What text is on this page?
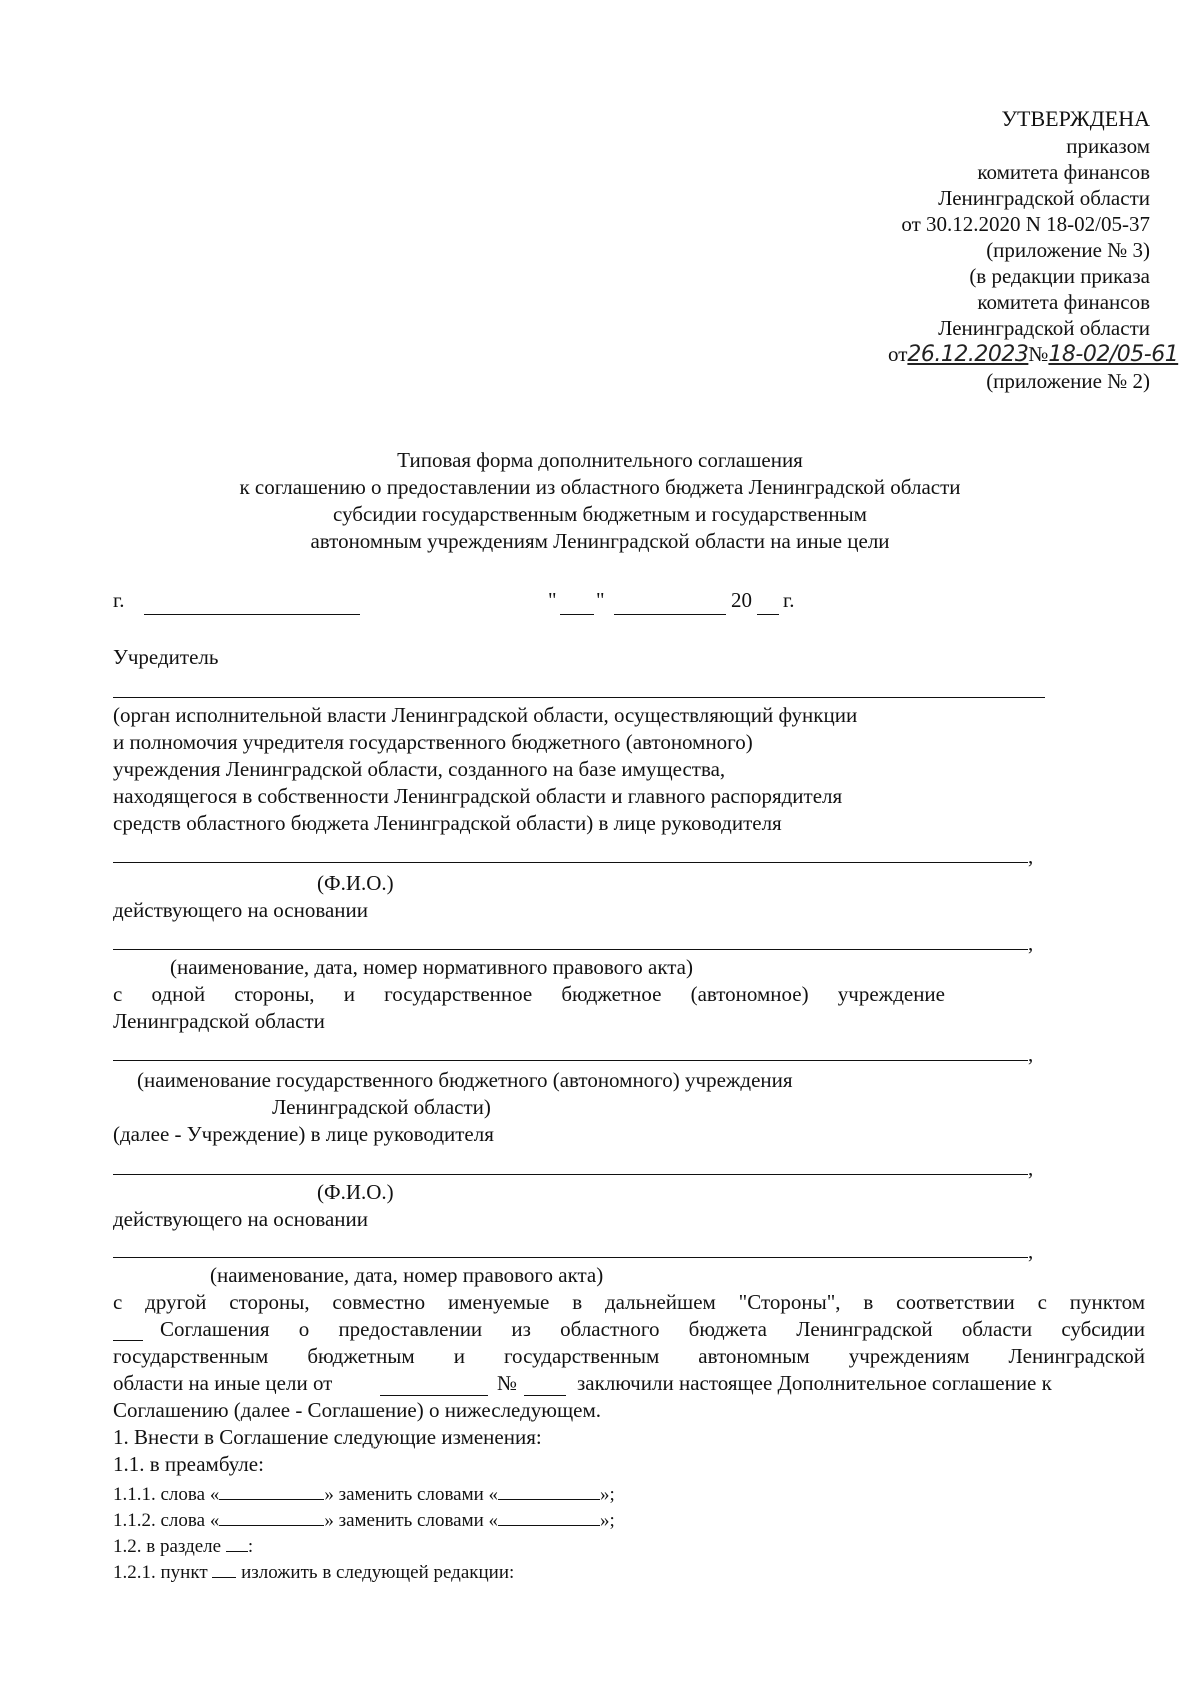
УТВЕРЖДЕНА
приказом
комитета финансов
Ленинградской области
от 30.12.2020 N 18-02/05-37
(приложение № 3)
(в редакции приказа
комитета финансов
Ленинградской области
от26.12.2023№18-02/05-61
(приложение № 2)
Типовая форма дополнительного соглашения
к соглашению о предоставлении из областного бюджета Ленинградской области
субсидии государственным бюджетным и государственным
автономным учреждениям Ленинградской области на иные цели
г.	" "	20 г.
Учредитель
(орган исполнительной власти Ленинградской области, осуществляющий функции
и полномочия учредителя государственного бюджетного (автономного)
учреждения Ленинградской области, созданного на базе имущества,
находящегося в собственности Ленинградской области и главного распорядителя
средств областного бюджета Ленинградской области) в лице руководителя
,
(Ф.И.О.)
действующего на основании
,
(наименование, дата, номер нормативного правового акта)
с одной стороны, и государственное бюджетное (автономное) учреждение
Ленинградской области
,
(наименование государственного бюджетного (автономного) учреждения
Ленинградской области)
(далее - Учреждение) в лице руководителя
,
(Ф.И.О.)
действующего на основании
,
(наименование, дата, номер правового акта)
с другой стороны, совместно именуемые в дальнейшем "Стороны", в соответствии с пунктом
Соглашения о предоставлении из областного бюджета Ленинградской области субсидии
государственным бюджетным и государственным автономным учреждениям Ленинградской
области на иные цели от	№	заключили настоящее Дополнительное соглашение к
Соглашению (далее - Соглашение) о нижеследующем.
1. Внести в Соглашение следующие изменения:
1.1. в преамбуле:
1.1.1. слова «	» заменить словами «	»;
1.1.2. слова «	» заменить словами «	»;
1.2. в разделе :
1.2.1. пункт изложить в следующей редакции:
